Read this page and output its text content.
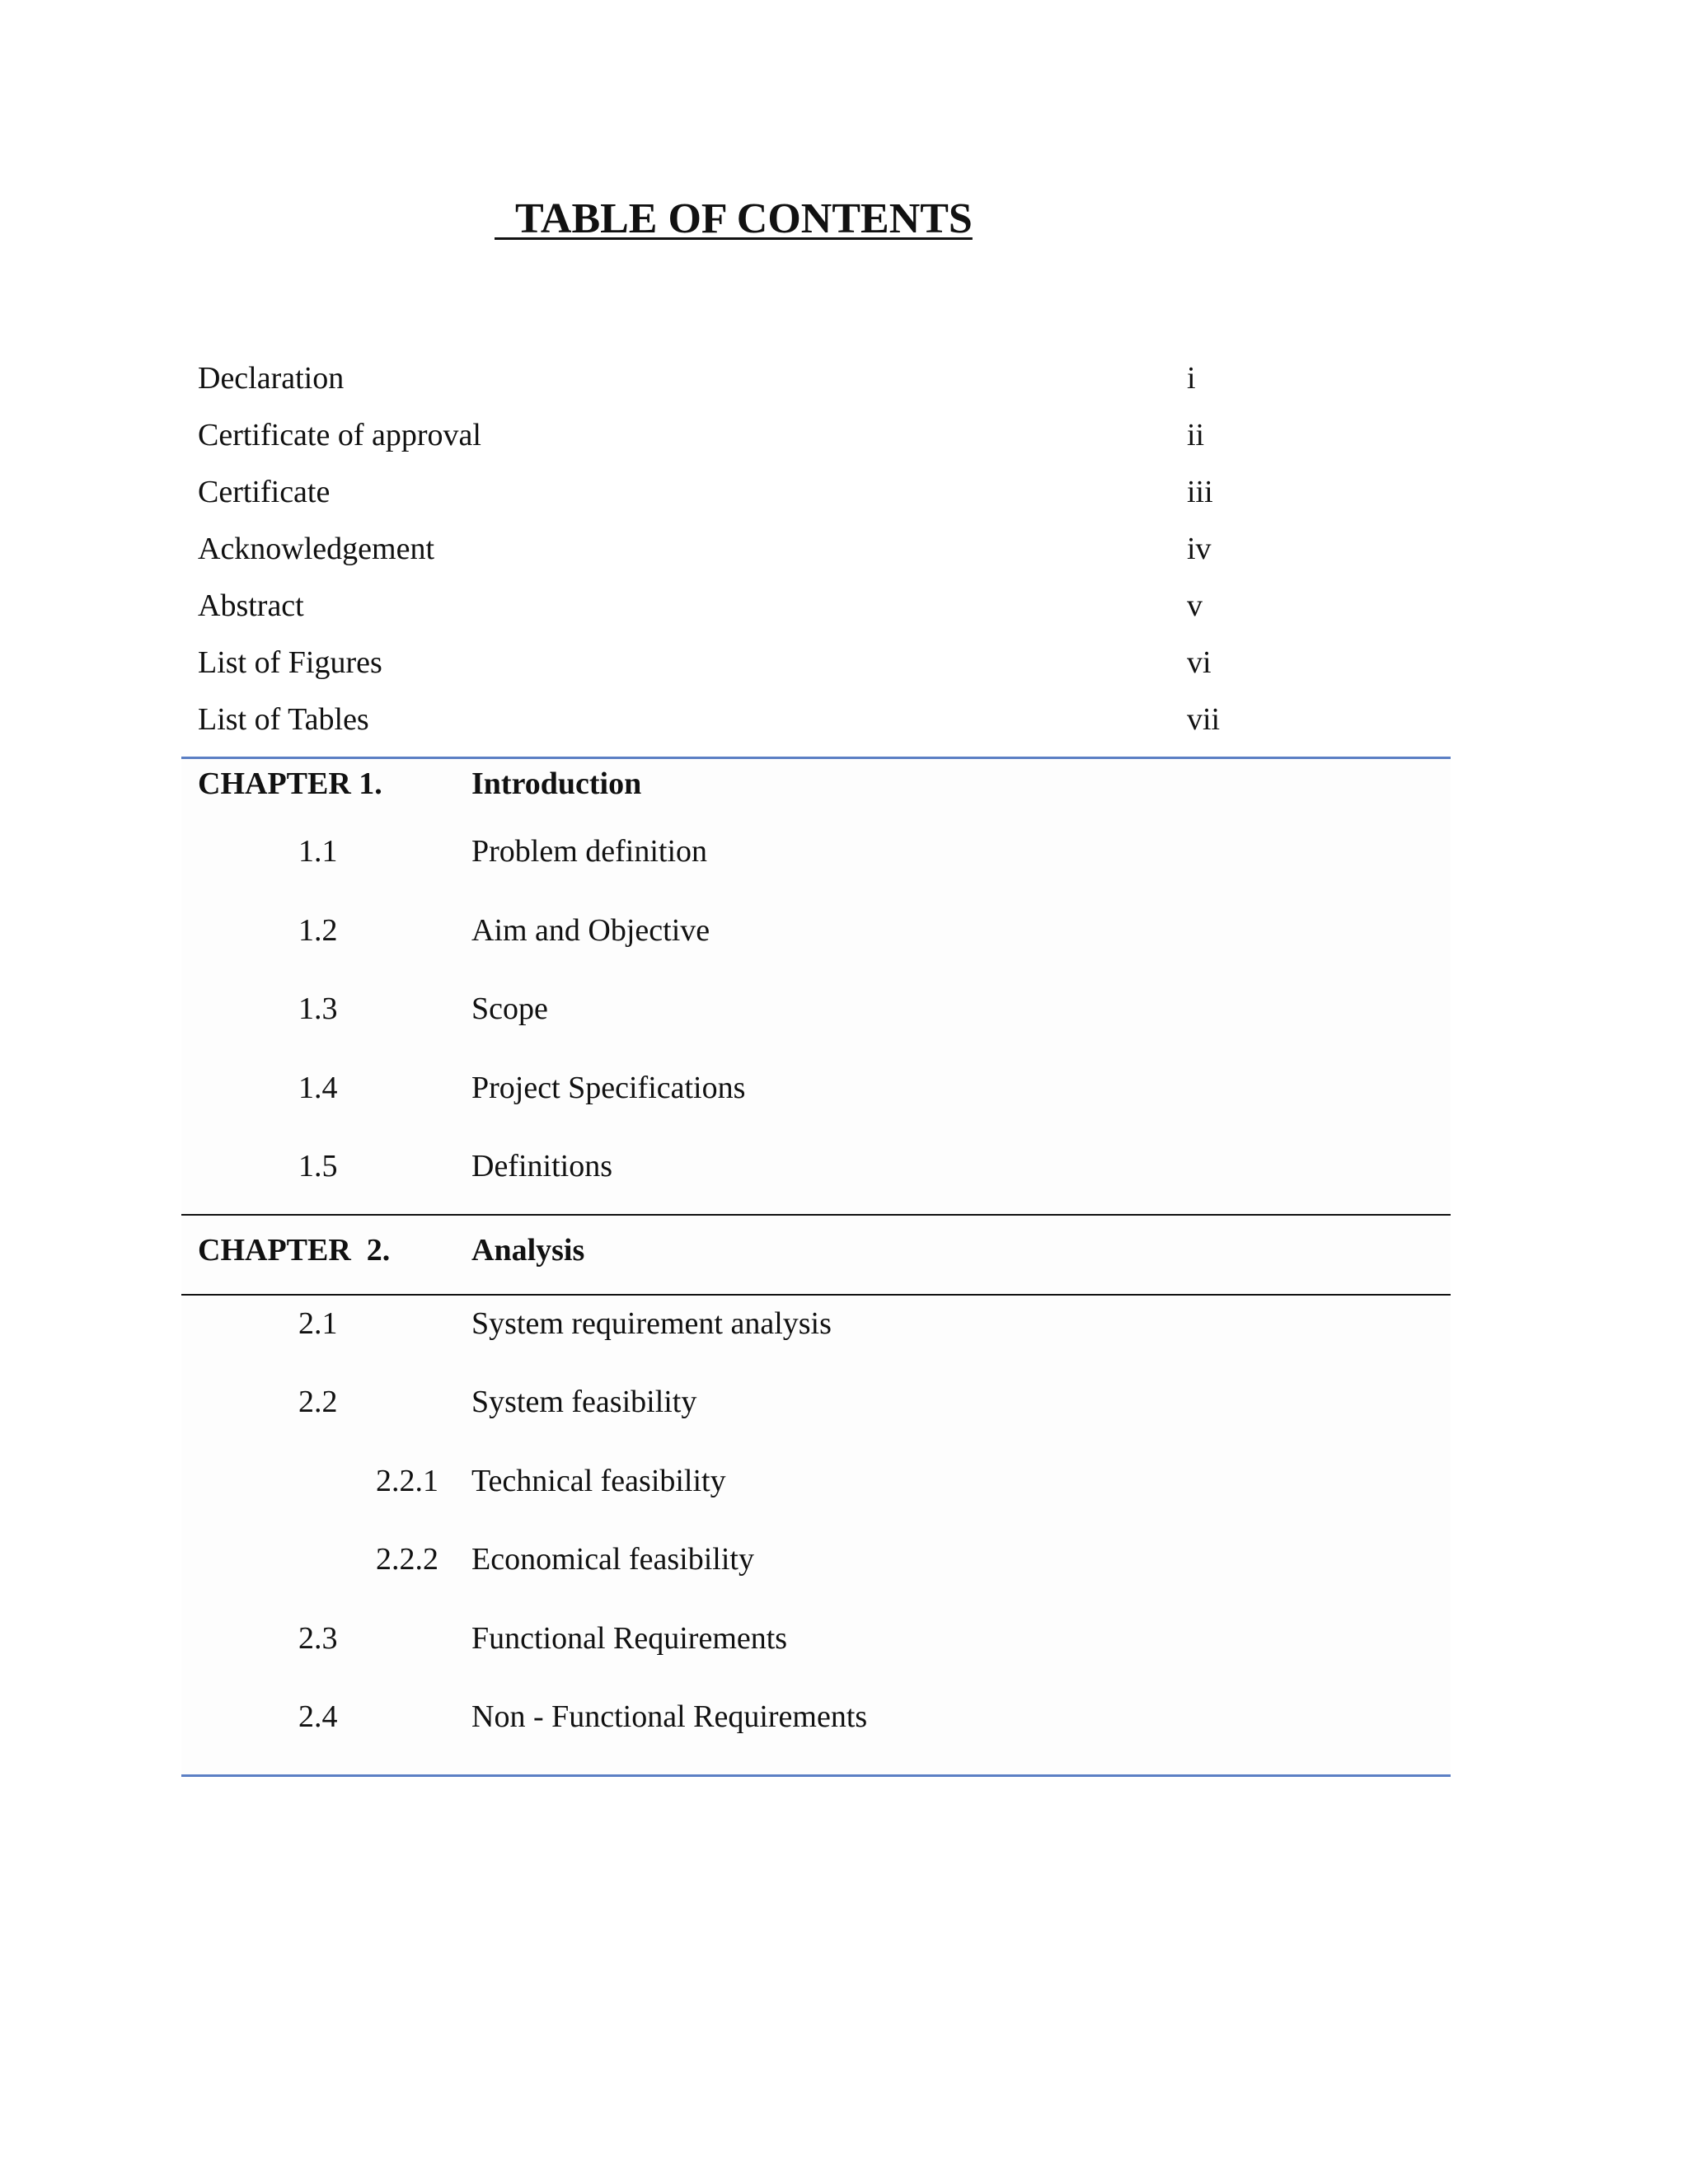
TABLE OF CONTENTS
Declaration	i
Certificate of approval	ii
Certificate	iii
Acknowledgement	iv
Abstract	v
List of Figures	vi
List of Tables	vii
CHAPTER 1.	Introduction
1.1	Problem definition
1.2	Aim and Objective
1.3	Scope
1.4	Project Specifications
1.5	Definitions
CHAPTER  2.	Analysis
2.1	System requirement analysis
2.2	System feasibility
2.2.1 Technical feasibility
2.2.2 Economical feasibility
2.3	Functional Requirements
2.4	Non - Functional Requirements
